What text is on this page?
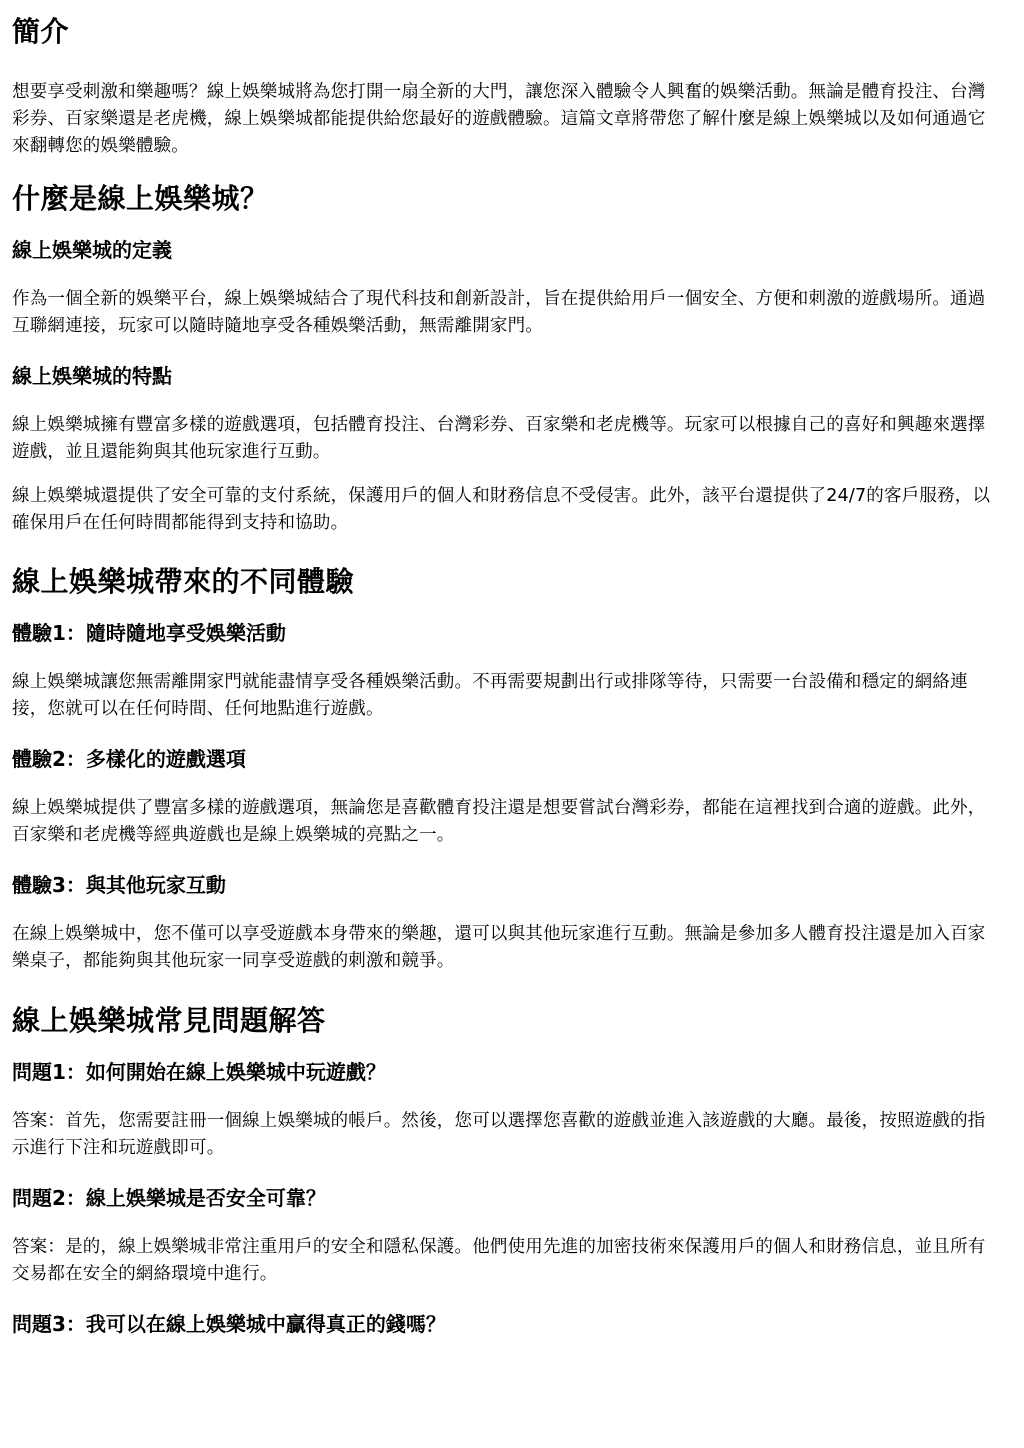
簡介

想要享受刺激和樂趣嗎？線上娛樂城將為您打開一扇全新的大門，讓您深入體驗令人興奮的娛樂活動。無論是體育投注、台灣彩券、百家樂還是老虎機，線上娛樂城都能提供給您最好的遊戲體驗。這篇文章將帶您了解什麼是線上娛樂城以及如何通過它來翻轉您的娛樂體驗。

什麼是線上娛樂城？
線上娛樂城的定義

作為一個全新的娛樂平台，線上娛樂城結合了現代科技和創新設計，旨在提供給用戶一個安全、方便和刺激的遊戲場所。通過互聯網連接，玩家可以隨時隨地享受各種娛樂活動，無需離開家門。

線上娛樂城的特點

線上娛樂城擁有豐富多樣的遊戲選項，包括體育投注、台灣彩券、百家樂和老虎機等。玩家可以根據自己的喜好和興趣來選擇遊戲，並且還能夠與其他玩家進行互動。

線上娛樂城還提供了安全可靠的支付系統，保護用戶的個人和財務信息不受侵害。此外，該平台還提供了24/7的客戶服務，以確保用戶在任何時間都能得到支持和協助。

線上娛樂城帶來的不同體驗
體驗1：隨時隨地享受娛樂活動

線上娛樂城讓您無需離開家門就能盡情享受各種娛樂活動。不再需要規劃出行或排隊等待，只需要一台設備和穩定的網絡連接，您就可以在任何時間、任何地點進行遊戲。

體驗2：多樣化的遊戲選項

線上娛樂城提供了豐富多樣的遊戲選項，無論您是喜歡體育投注還是想要嘗試台灣彩券，都能在這裡找到合適的遊戲。此外，百家樂和老虎機等經典遊戲也是線上娛樂城的亮點之一。

體驗3：與其他玩家互動

在線上娛樂城中，您不僅可以享受遊戲本身帶來的樂趣，還可以與其他玩家進行互動。無論是參加多人體育投注還是加入百家樂桌子，都能夠與其他玩家一同享受遊戲的刺激和競爭。

線上娛樂城常見問題解答
問題1：如何開始在線上娛樂城中玩遊戲？

答案：首先，您需要註冊一個線上娛樂城的帳戶。然後，您可以選擇您喜歡的遊戲並進入該遊戲的大廳。最後，按照遊戲的指示進行下注和玩遊戲即可。

問題2：線上娛樂城是否安全可靠？

答案：是的，線上娛樂城非常注重用戶的安全和隱私保護。他們使用先進的加密技術來保護用戶的個人和財務信息，並且所有交易都在安全的網絡環境中進行。

問題3：我可以在線上娛樂城中贏得真正的錢嗎？
